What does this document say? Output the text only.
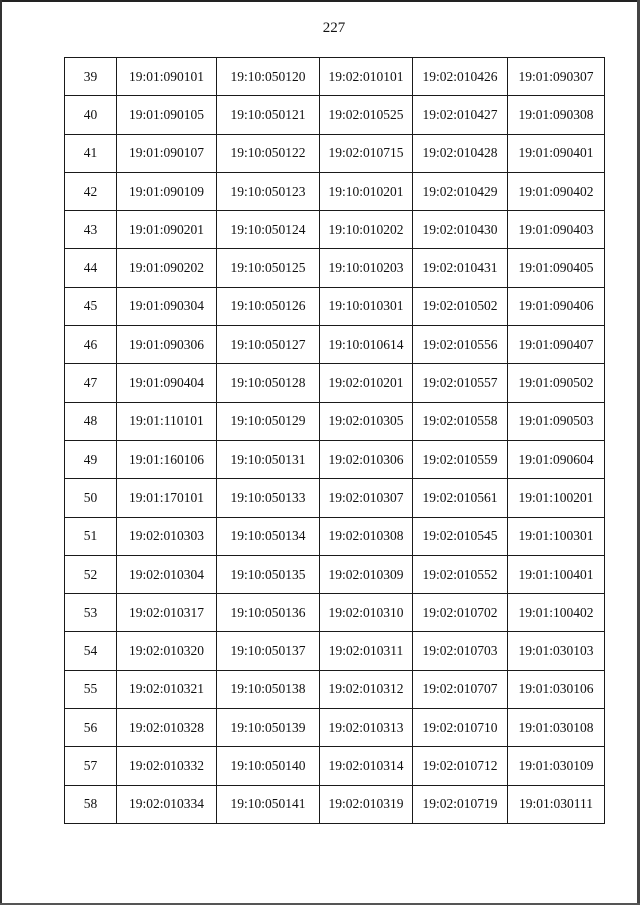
227
39	19:01:090101	19:10:050120	19:02:010101	19:02:010426	19:01:090307
40	19:01:090105	19:10:050121	19:02:010525	19:02:010427	19:01:090308
41	19:01:090107	19:10:050122	19:02:010715	19:02:010428	19:01:090401
42	19:01:090109	19:10:050123	19:10:010201	19:02:010429	19:01:090402
43	19:01:090201	19:10:050124	19:10:010202	19:02:010430	19:01:090403
44	19:01:090202	19:10:050125	19:10:010203	19:02:010431	19:01:090405
45	19:01:090304	19:10:050126	19:10:010301	19:02:010502	19:01:090406
46	19:01:090306	19:10:050127	19:10:010614	19:02:010556	19:01:090407
47	19:01:090404	19:10:050128	19:02:010201	19:02:010557	19:01:090502
48	19:01:110101	19:10:050129	19:02:010305	19:02:010558	19:01:090503
49	19:01:160106	19:10:050131	19:02:010306	19:02:010559	19:01:090604
50	19:01:170101	19:10:050133	19:02:010307	19:02:010561	19:01:100201
51	19:02:010303	19:10:050134	19:02:010308	19:02:010545	19:01:100301
52	19:02:010304	19:10:050135	19:02:010309	19:02:010552	19:01:100401
53	19:02:010317	19:10:050136	19:02:010310	19:02:010702	19:01:100402
54	19:02:010320	19:10:050137	19:02:010311	19:02:010703	19:01:030103
55	19:02:010321	19:10:050138	19:02:010312	19:02:010707	19:01:030106
56	19:02:010328	19:10:050139	19:02:010313	19:02:010710	19:01:030108
57	19:02:010332	19:10:050140	19:02:010314	19:02:010712	19:01:030109
58	19:02:010334	19:10:050141	19:02:010319	19:02:010719	19:01:030111
